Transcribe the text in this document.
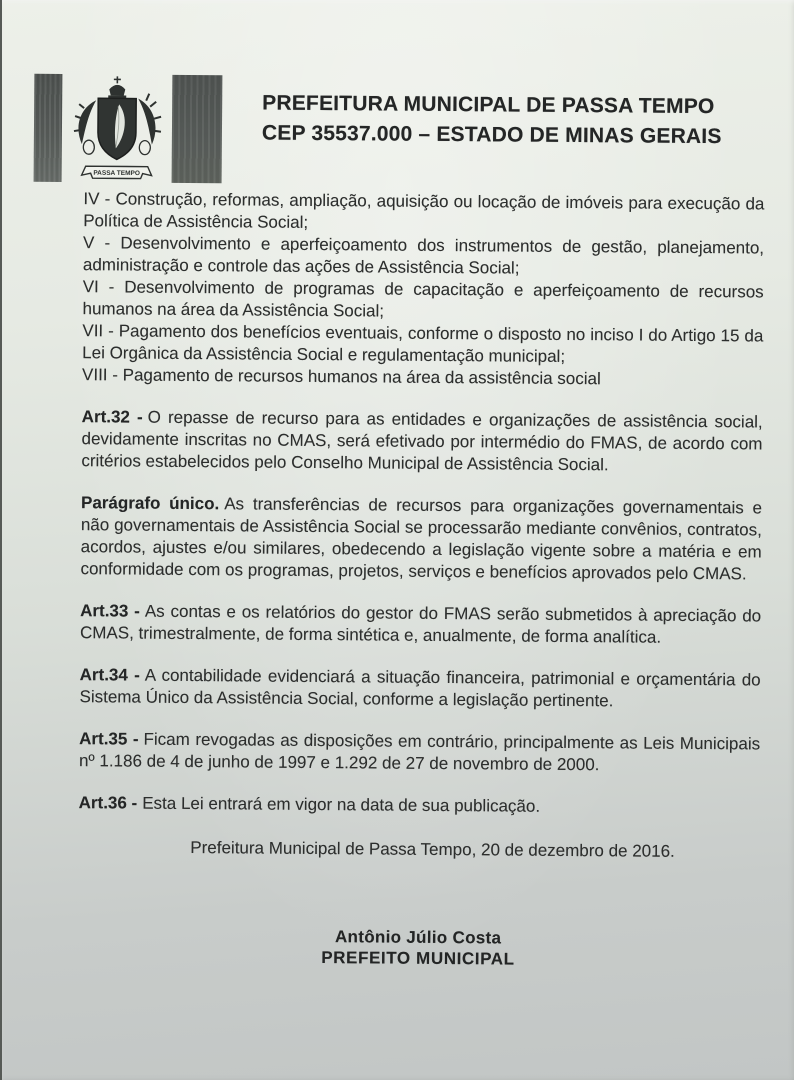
PASSA TEMPO
PREFEITURA MUNICIPAL DE PASSA TEMPO
CEP 35537.000 – ESTADO DE MINAS GERAIS

IV - Construção, reformas, ampliação, aquisição ou locação de imóveis para execução da Política de Assistência Social;

V - Desenvolvimento e aperfeiçoamento dos instrumentos de gestão, planejamento, administração e controle das ações de Assistência Social;

VI - Desenvolvimento de programas de capacitação e aperfeiçoamento de recursos humanos na área da Assistência Social;

VII - Pagamento dos benefícios eventuais, conforme o disposto no inciso I do Artigo 15 da Lei Orgânica da Assistência Social e regulamentação municipal;

VIII - Pagamento de recursos humanos na área da assistência social

Art.32 - O repasse de recurso para as entidades e organizações de assistência social, devidamente inscritas no CMAS, será efetivado por intermédio do FMAS, de acordo com critérios estabelecidos pelo Conselho Municipal de Assistência Social.

Parágrafo único. As transferências de recursos para organizações governamentais e não governamentais de Assistência Social se processarão mediante convênios, contratos, acordos, ajustes e/ou similares, obedecendo a legislação vigente sobre a matéria e em conformidade com os programas, projetos, serviços e benefícios aprovados pelo CMAS.

Art.33 - As contas e os relatórios do gestor do FMAS serão submetidos à apreciação do CMAS, trimestralmente, de forma sintética e, anualmente, de forma analítica.

Art.34 - A contabilidade evidenciará a situação financeira, patrimonial e orçamentária do Sistema Único da Assistência Social, conforme a legislação pertinente.

Art.35 - Ficam revogadas as disposições em contrário, principalmente as Leis Municipais nº 1.186 de 4 de junho de 1997 e 1.292 de 27 de novembro de 2000.

Art.36 - Esta Lei entrará em vigor na data de sua publicação.

Prefeitura Municipal de Passa Tempo, 20 de dezembro de 2016.

Antônio Júlio Costa
PREFEITO MUNICIPAL
